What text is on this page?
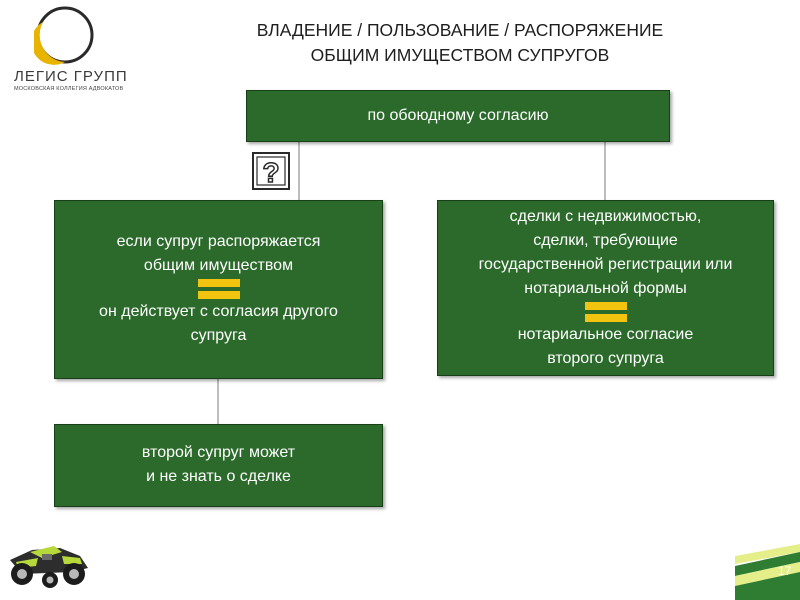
ЛЕГИС ГРУПП
МОСКОВСКАЯ КОЛЛЕГИЯ АДВОКАТОВ
ВЛАДЕНИЕ / ПОЛЬЗОВАНИЕ / РАСПОРЯЖЕНИЕ
ОБЩИМ ИМУЩЕСТВОМ СУПРУГОВ
?
по обоюдному согласию
если супруг распоряжается
общим имуществом
он действует с согласия другого
супруга
сделки с недвижимостью,
сделки, требующие
государственной регистрации или
нотариальной формы
нотариальное согласие
второго супруга
второй супруг может
и не знать о сделке
17
